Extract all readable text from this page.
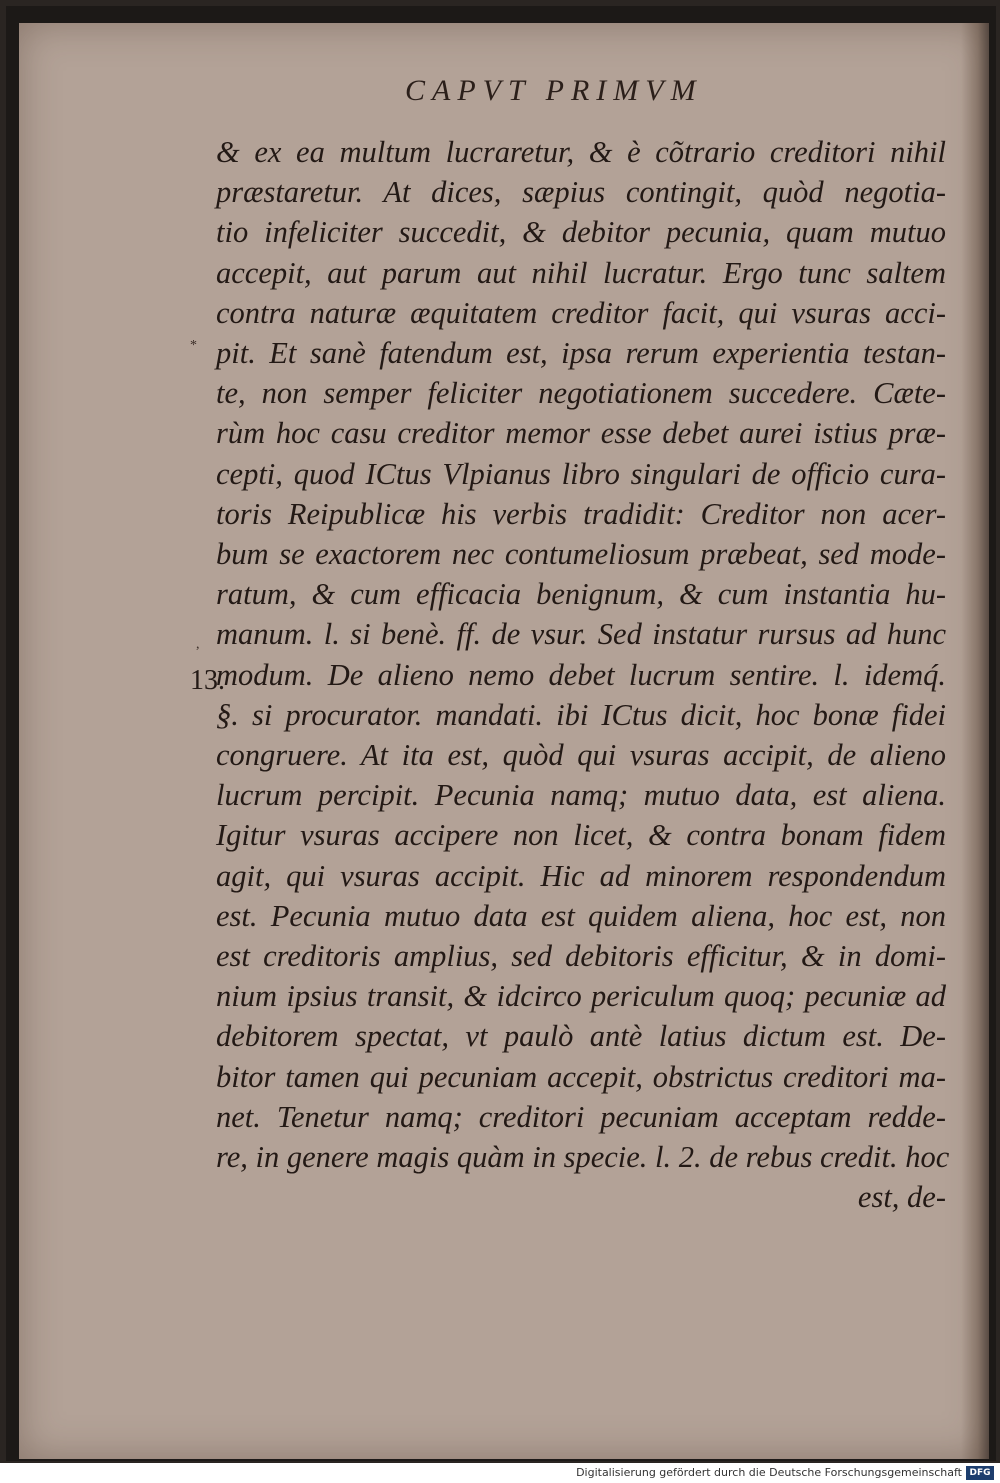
CAPVT PRIMVM
*
,
13.
& ex ea multum lucraretur, & è cõtrario creditori nihil
præstaretur. At dices, sæpius contingit, quòd negotia-
tio infeliciter succedit, & debitor pecunia, quam mutuo
accepit, aut parum aut nihil lucratur. Ergo tunc saltem
contra naturæ æquitatem creditor facit, qui vsuras acci-
pit. Et sanè fatendum est, ipsa rerum experientia testan-
te, non semper feliciter negotiationem succedere. Cæte-
rùm hoc casu creditor memor esse debet aurei istius præ-
cepti, quod ICtus Vlpianus libro singulari de officio cura-
toris Reipublicæ his verbis tradidit: Creditor non acer-
bum se exactorem nec contumeliosum præbeat, sed mode-
ratum, & cum efficacia benignum, & cum instantia hu-
manum. l. si benè. ff. de vsur. Sed instatur rursus ad hunc
modum. De alieno nemo debet lucrum sentire. l. idemq́.
§. si procurator. mandati. ibi ICtus dicit, hoc bonæ fidei
congruere. At ita est, quòd qui vsuras accipit, de alieno
lucrum percipit. Pecunia namq; mutuo data, est aliena.
Igitur vsuras accipere non licet, & contra bonam fidem
agit, qui vsuras accipit. Hic ad minorem respondendum
est. Pecunia mutuo data est quidem aliena, hoc est, non
est creditoris amplius, sed debitoris efficitur, & in domi-
nium ipsius transit, & idcirco periculum quoq; pecuniæ ad
debitorem spectat, vt paulò antè latius dictum est. De-
bitor tamen qui pecuniam accepit, obstrictus creditori ma-
net. Tenetur namq; creditori pecuniam acceptam redde-
re, in genere magis quàm in specie. l. 2. de rebus credit. hoc
est, de-
Digitalisierung gefördert durch die Deutsche Forschungsgemeinschaft DFG
